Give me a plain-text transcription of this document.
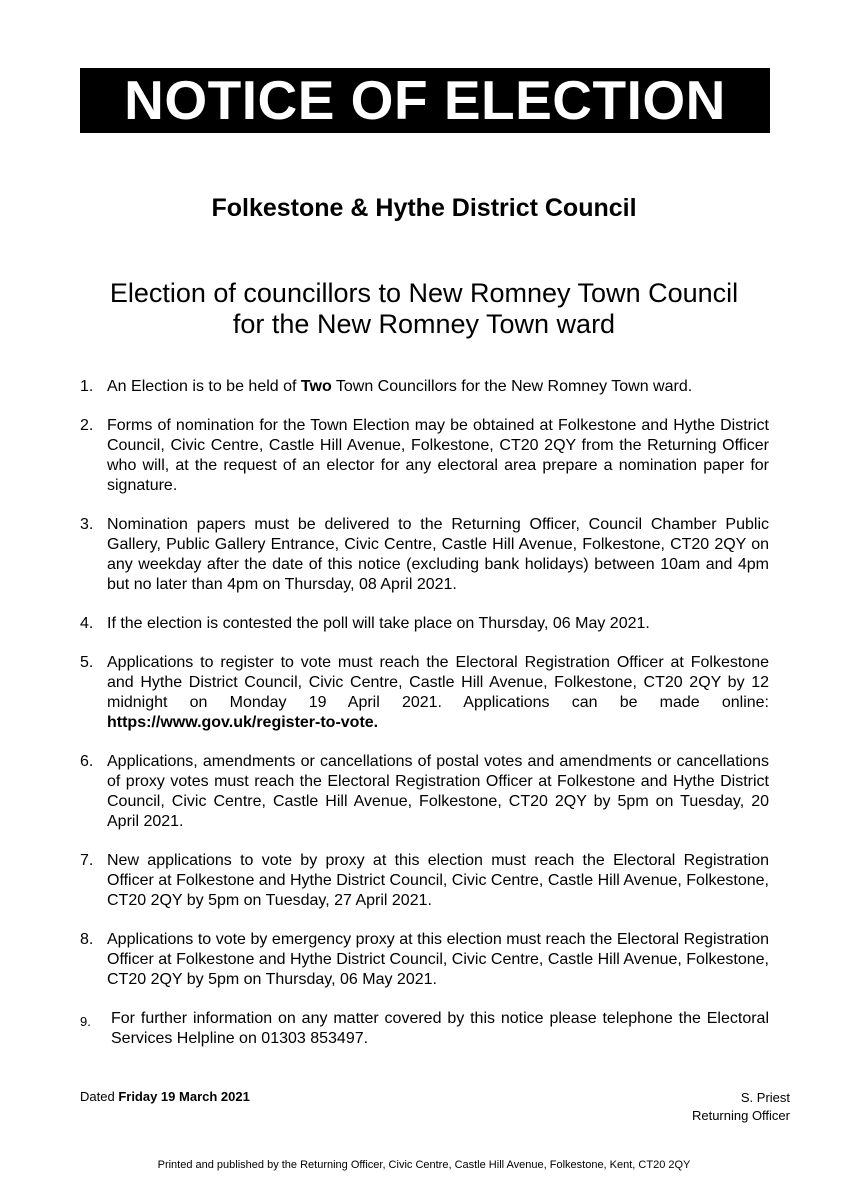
NOTICE OF ELECTION
Folkestone & Hythe District Council
Election of councillors to New Romney Town Council
for the New Romney Town ward
1. An Election is to be held of Two Town Councillors for the New Romney Town ward.

2. Forms of nomination for the Town Election may be obtained at Folkestone and Hythe District Council, Civic Centre, Castle Hill Avenue, Folkestone, CT20 2QY from the Returning Officer who will, at the request of an elector for any electoral area prepare a nomination paper for signature.

3. Nomination papers must be delivered to the Returning Officer, Council Chamber Public Gallery, Public Gallery Entrance, Civic Centre, Castle Hill Avenue, Folkestone, CT20 2QY on any weekday after the date of this notice (excluding bank holidays) between 10am and 4pm but no later than 4pm on Thursday, 08 April 2021.

4. If the election is contested the poll will take place on Thursday, 06 May 2021.

5. Applications to register to vote must reach the Electoral Registration Officer at Folkestone and Hythe District Council, Civic Centre, Castle Hill Avenue, Folkestone, CT20 2QY by 12 midnight on Monday 19 April 2021. Applications can be made online: https://www.gov.uk/register-to-vote.

6. Applications, amendments or cancellations of postal votes and amendments or cancellations of proxy votes must reach the Electoral Registration Officer at Folkestone and Hythe District Council, Civic Centre, Castle Hill Avenue, Folkestone, CT20 2QY by 5pm on Tuesday, 20 April 2021.

7. New applications to vote by proxy at this election must reach the Electoral Registration Officer at Folkestone and Hythe District Council, Civic Centre, Castle Hill Avenue, Folkestone, CT20 2QY by 5pm on Tuesday, 27 April 2021.

8. Applications to vote by emergency proxy at this election must reach the Electoral Registration Officer at Folkestone and Hythe District Council, Civic Centre, Castle Hill Avenue, Folkestone, CT20 2QY by 5pm on Thursday, 06 May 2021.

9. For further information on any matter covered by this notice please telephone the Electoral Services Helpline on 01303 853497.

Dated Friday 19 March 2021	S. Priest
Returning Officer
Printed and published by the Returning Officer, Civic Centre, Castle Hill Avenue, Folkestone, Kent, CT20 2QY
